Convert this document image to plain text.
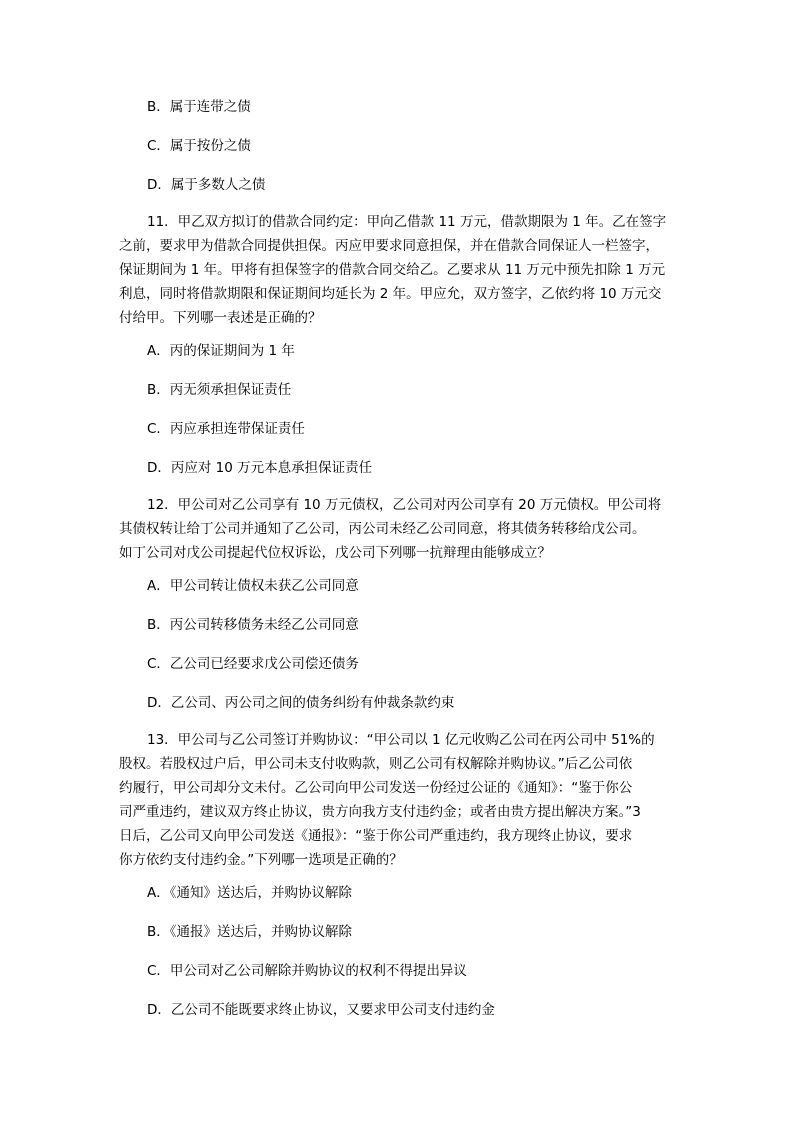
B．属于连带之债
C．属于按份之债
D．属于多数人之债
11．甲乙双方拟订的借款合同约定：甲向乙借款 11 万元，借款期限为 1 年。乙在签字
之前，要求甲为借款合同提供担保。丙应甲要求同意担保，并在借款合同保证人一栏签字，
保证期间为 1 年。甲将有担保签字的借款合同交给乙。乙要求从 11 万元中预先扣除 1 万元
利息，同时将借款期限和保证期间均延长为 2 年。甲应允，双方签字，乙依约将 10 万元交
付给甲。下列哪一表述是正确的？
A．丙的保证期间为 1 年
B．丙无须承担保证责任
C．丙应承担连带保证责任
D．丙应对 10 万元本息承担保证责任
12．甲公司对乙公司享有 10 万元债权，乙公司对丙公司享有 20 万元债权。甲公司将
其债权转让给丁公司并通知了乙公司，丙公司未经乙公司同意，将其债务转移给戊公司。
如丁公司对戊公司提起代位权诉讼，戊公司下列哪一抗辩理由能够成立？
A．甲公司转让债权未获乙公司同意
B．丙公司转移债务未经乙公司同意
C．乙公司已经要求戊公司偿还债务
D．乙公司、丙公司之间的债务纠纷有仲裁条款约束
13．甲公司与乙公司签订并购协议：“甲公司以 1 亿元收购乙公司在丙公司中 51%的
股权。若股权过户后，甲公司未支付收购款，则乙公司有权解除并购协议。”后乙公司依
约履行，甲公司却分文未付。乙公司向甲公司发送一份经过公证的《通知》：“鉴于你公
司严重违约，建议双方终止协议，贵方向我方支付违约金；或者由贵方提出解决方案。”3
日后，乙公司又向甲公司发送《通报》：“鉴于你公司严重违约，我方现终止协议，要求
你方依约支付违约金。”下列哪一选项是正确的？
A．《通知》送达后，并购协议解除
B．《通报》送达后，并购协议解除
C．甲公司对乙公司解除并购协议的权利不得提出异议
D．乙公司不能既要求终止协议，又要求甲公司支付违约金
